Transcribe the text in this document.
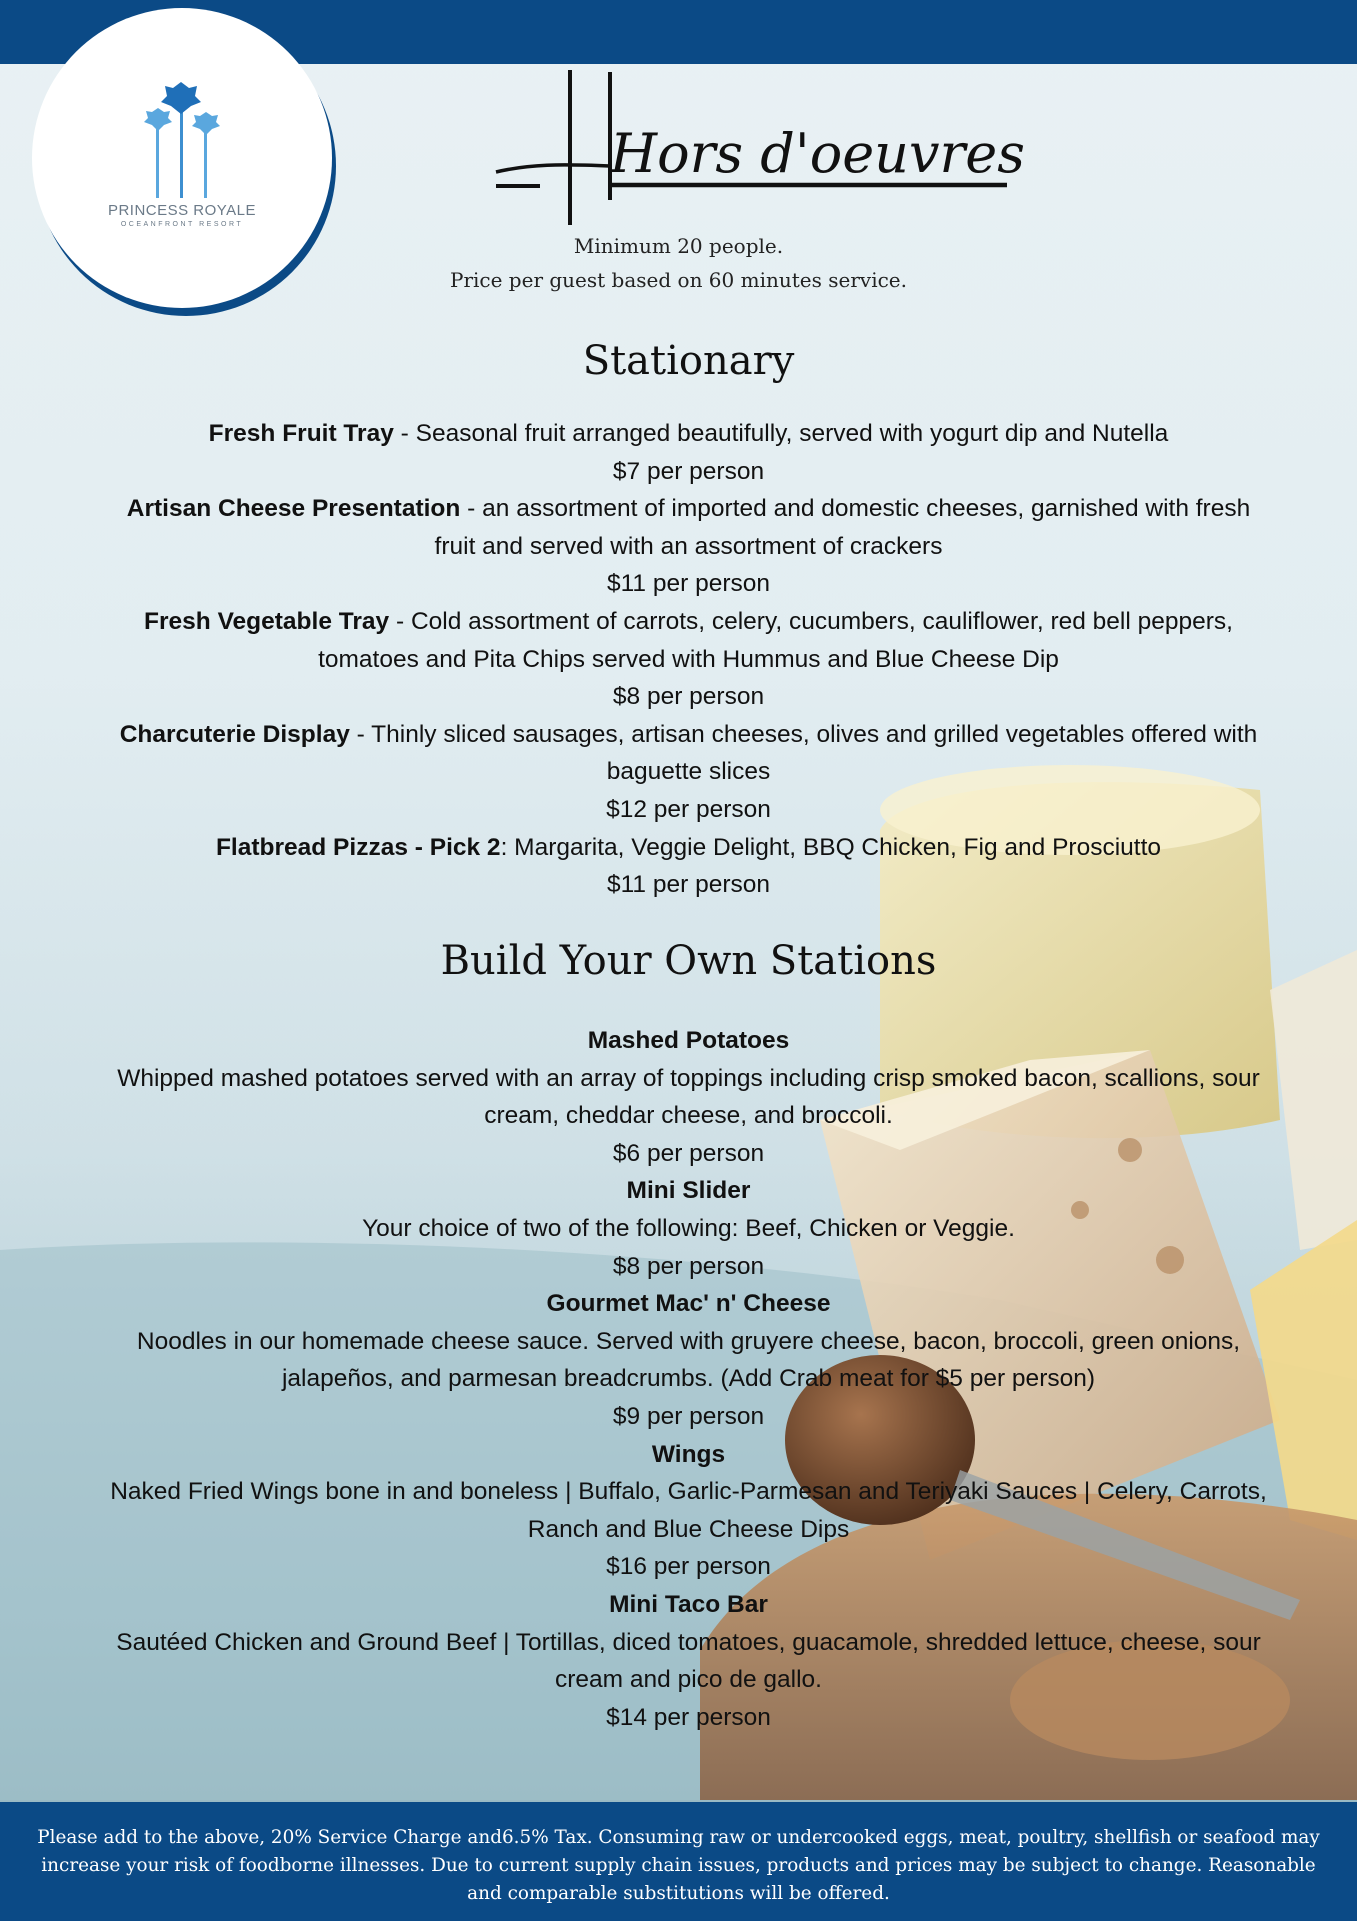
PRINCESS ROYALE
OCEANFRONT RESORT
Hors d'oeuvres
Minimum 20 people.
Price per guest based on 60 minutes service.
Stationary

Fresh Fruit Tray - Seasonal fruit arranged beautifully, served with yogurt dip and Nutella

$7 per person

Artisan Cheese Presentation - an assortment of imported and domestic cheeses, garnished with fresh fruit and served with an assortment of crackers

$11 per person

Fresh Vegetable Tray - Cold assortment of carrots, celery, cucumbers, cauliflower, red bell peppers, tomatoes and Pita Chips served with Hummus and Blue Cheese Dip

$8 per person

Charcuterie Display - Thinly sliced sausages, artisan cheeses, olives and grilled vegetables offered with baguette slices

$12 per person

Flatbread Pizzas - Pick 2: Margarita, Veggie Delight, BBQ Chicken, Fig and Prosciutto

$11 per person

Build Your Own Stations

Mashed Potatoes

Whipped mashed potatoes served with an array of toppings including crisp smoked bacon, scallions, sour cream, cheddar cheese, and broccoli.

$6 per person

Mini Slider

Your choice of two of the following: Beef, Chicken or Veggie.

$8 per person

Gourmet Mac' n' Cheese

Noodles in our homemade cheese sauce. Served with gruyere cheese, bacon, broccoli, green onions, jalapeños, and parmesan breadcrumbs. (Add Crab meat for $5 per person)

$9 per person

Wings

Naked Fried Wings bone in and boneless | Buffalo, Garlic-Parmesan and Teriyaki Sauces | Celery, Carrots, Ranch and Blue Cheese Dips

$16 per person

Mini Taco Bar

Sautéed Chicken and Ground Beef | Tortillas, diced tomatoes, guacamole, shredded lettuce, cheese, sour cream and pico de gallo.

$14 per person

Please add to the above, 20% Service Charge and6.5% Tax. Consuming raw or undercooked eggs, meat, poultry, shellfish or seafood may increase your risk of foodborne illnesses. Due to current supply chain issues, products and prices may be subject to change. Reasonable and comparable substitutions will be offered.
